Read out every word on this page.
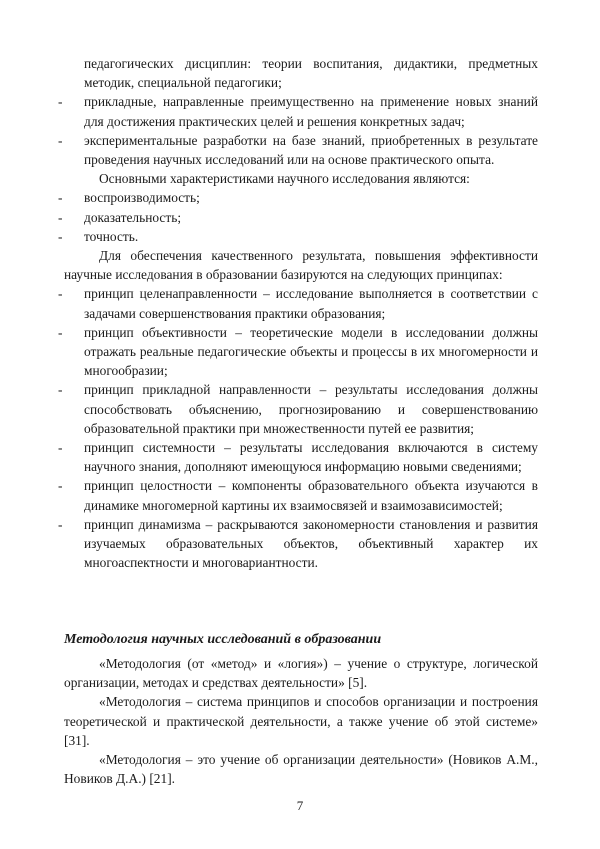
педагогических дисциплин: теории воспитания, дидактики, предметных методик, специальной педагогики;

-	прикладные, направленные преимущественно на применение новых знаний для достижения практических целей и решения конкретных задач;
-	экспериментальные разработки на базе знаний, приобретенных в результате проведения научных исследований или на основе практического опыта.

Основными характеристиками научного исследования являются:

-	воспроизводимость;
-	доказательность;
-	точность.

Для обеспечения качественного результата, повышения эффективности научные исследования в образовании базируются на следующих принципах:

-	принцип целенаправленности – исследование выполняется в соответствии с задачами совершенствования практики образования;
-	принцип объективности – теоретические модели в исследовании должны отражать реальные педагогические объекты и процессы в их многомерности и многообразии;
-	принцип прикладной направленности – результаты исследования должны способствовать объяснению, прогнозированию и совершенствованию образовательной практики при множественности путей ее развития;
-	принцип системности – результаты исследования включаются в систему научного знания, дополняют имеющуюся информацию новыми сведениями;
-	принцип целостности – компоненты образовательного объекта изучаются в динамике многомерной картины их взаимосвязей и взаимозависимостей;
-	принцип динамизма – раскрываются закономерности становления и развития изучаемых образовательных объектов, объективный характер их многоаспектности и многовариантности.
Методология научных исследований в образовании

«Методология (от «метод» и «логия») – учение о структуре, логической организации, методах и средствах деятельности» [5].

«Методология – система принципов и способов организации и построения теоретической и практической деятельности, а также учение об этой системе» [31].

«Методология – это учение об организации деятельности» (Новиков А.М., Новиков Д.А.) [21].

7
